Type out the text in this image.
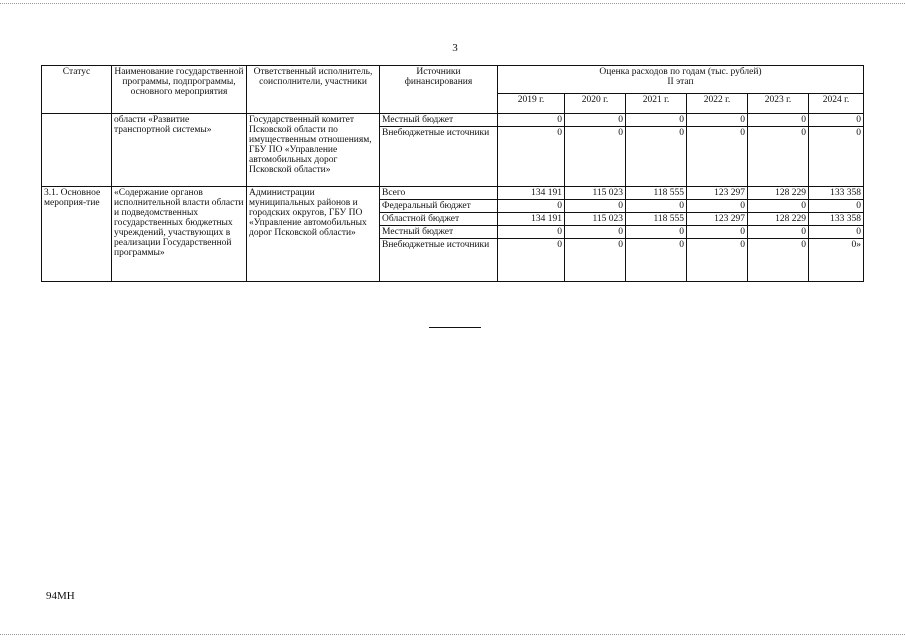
3
Статус	Наименование государственной программы, подпрограммы, основного мероприятия	Ответственный исполнитель, соисполнители, участники	Источники финансирования	Оценка расходов по годам (тыс. рублей)
II этап					

				2019 г.	2020 г.	2021 г.	2022 г.	2023 г.	2024 г.
	области «Развитие транспортной системы»	Государственный комитет Псковской области по имущественным отношениям, ГБУ ПО «Управление автомобильных дорог Псковской области»	Местный бюджет	0	0	0	0	0	0
			Внебюджетные источники	0	0	0	0	0	0
3.1. Основное мероприя-тие	«Содержание органов исполнительной власти области и подведомственных государственных бюджетных учреждений, участвующих в реализации Государственной программы»	Администрации муниципальных районов и городских округов, ГБУ ПО «Управление автомобильных дорог Псковской области»	Всего	134 191	115 023	118 555	123 297	128 229	133 358
			Федеральный бюджет	0	0	0	0	0	0
			Областной бюджет	134 191	115 023	118 555	123 297	128 229	133 358
			Местный бюджет	0	0	0	0	0	0
			Внебюджетные источники	0	0	0	0	0	0»
94МН
